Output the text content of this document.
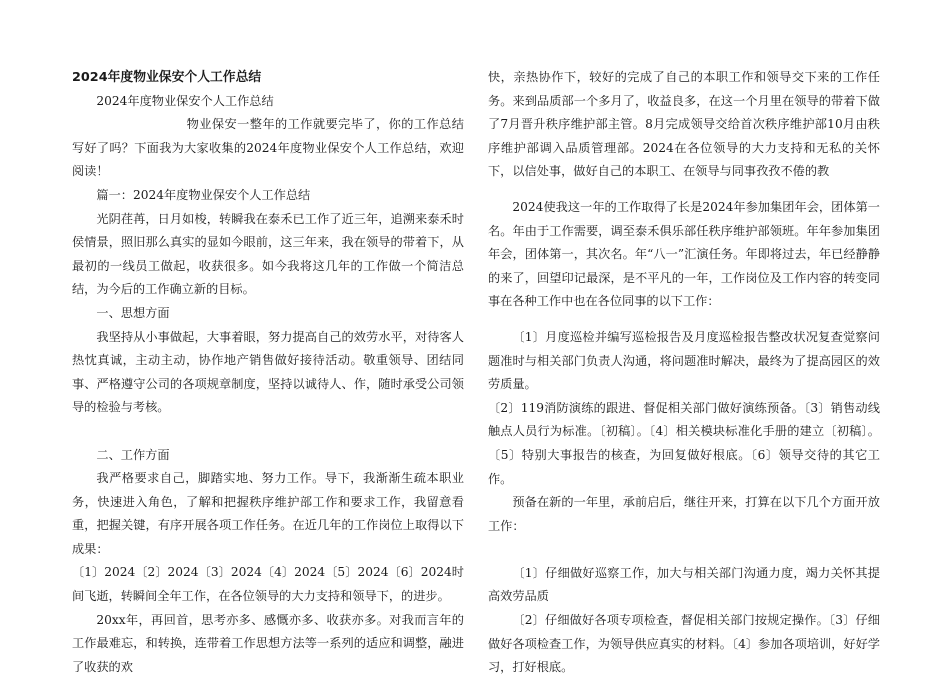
2024年度物业保安个人工作总结

2024年度物业保安个人工作总结

物业保安一整年的工作就要完毕了，你的工作总结写好了吗？下面我为大家收集的2024年度物业保安个人工作总结，欢迎阅读！

篇一：2024年度物业保安个人工作总结

光阴荏苒，日月如梭，转瞬我在泰禾已工作了近三年，追溯来泰禾时侯情景，照旧那么真实的显如今眼前，这三年来，我在领导的带着下，从最初的一线员工做起，收获很多。如今我将这几年的工作做一个简洁总结，为今后的工作确立新的目标。

一、思想方面

我坚持从小事做起，大事着眼，努力提高自己的效劳水平，对待客人热忱真诚，主动主动，协作地产销售做好接待活动。敬重领导、团结同事、严格遵守公司的各项规章制度，坚持以诚待人、作，随时承受公司领导的检验与考核。

二、工作方面

我严格要求自己，脚踏实地、努力工作。导下，我渐渐生疏本职业务，快速进入角色，了解和把握秩序维护部工作和要求工作，我留意看重，把握关键，有序开展各项工作任务。在近几年的工作岗位上取得以下成果：

〔1〕2024〔2〕2024〔3〕2024〔4〕2024〔5〕2024〔6〕2024时间飞逝，转瞬间全年工作，在各位领导的大力支持和领导下，的进步。

20xx年，再回首，思考亦多、感慨亦多、收获亦多。对我而言年的工作最难忘，和转换，连带着工作思想方法等一系列的适应和调整，融进了收获的欢

快，亲热协作下，较好的完成了自己的本职工作和领导交下来的工作任务。来到品质部一个多月了，收益良多，在这一个月里在领导的带着下做了7月晋升秩序维护部主管。8月完成领导交给首次秩序维护部10月由秩序维护部调入品质管理部。2024在各位领导的大力支持和无私的关怀下，以信处事，做好自己的本职工、在领导与同事孜孜不倦的教

2024使我这一年的工作取得了长是2024年参加集团年会，团体第一名。年由于工作需要，调至泰禾俱乐部任秩序维护部领班。年年参加集团年会，团体第一，其次名。年“八一”汇演任务。年即将过去，年已经静静的来了，回望印记最深，是不平凡的一年，工作岗位及工作内容的转变同事在各种工作中也在各位同事的以下工作：

〔1〕月度巡检并编写巡检报告及月度巡检报告整改状况复查觉察问题准时与相关部门负责人沟通，将问题准时解决，最终为了提高园区的效劳质量。

〔2〕119消防演练的跟进、督促相关部门做好演练预备。〔3〕销售动线触点人员行为标准。〔初稿〕。〔4〕相关模块标准化手册的建立〔初稿〕。〔5〕特别大事报告的核查，为回复做好根底。〔6〕领导交待的其它工作。

预备在新的一年里，承前启后，继往开来，打算在以下几个方面开放工作：

〔1〕仔细做好巡察工作，加大与相关部门沟通力度，竭力关怀其提高效劳品质

〔2〕仔细做好各项专项检查，督促相关部门按规定操作。〔3〕仔细做好各项检查工作，为领导供应真实的材料。〔4〕参加各项培训，好好学习，打好根底。
